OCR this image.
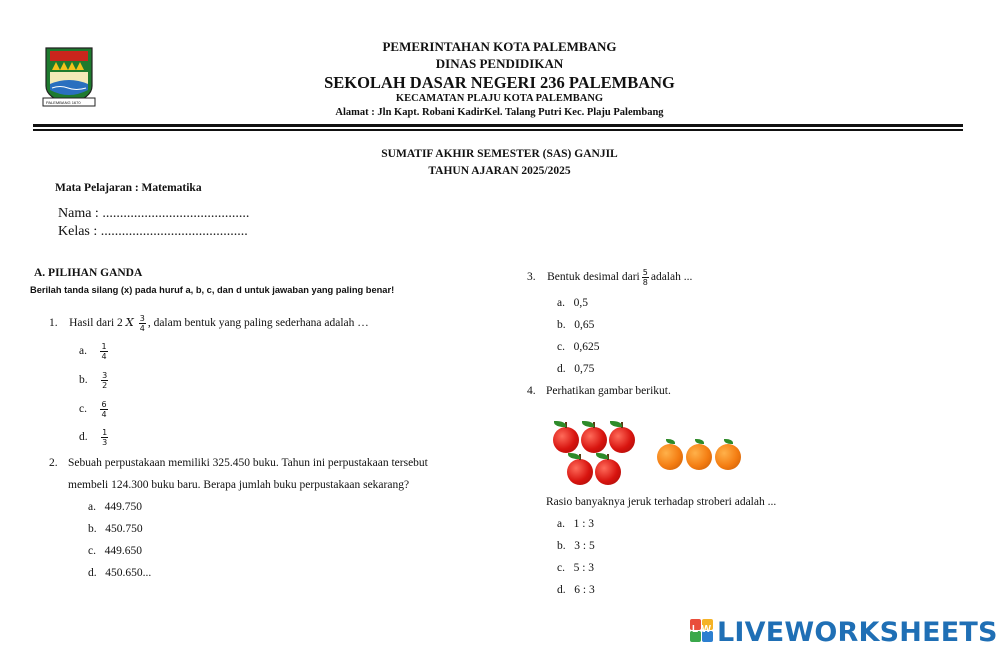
PALEMBANG 1670
PEMERINTAHAN KOTA PALEMBANG
DINAS PENDIDIKAN
SEKOLAH DASAR NEGERI 236 PALEMBANG
KECAMATAN PLAJU KOTA PALEMBANG
Alamat : Jln Kapt. Robani KadirKel. Talang Putri Kec. Plaju Palembang
SUMATIF AKHIR SEMESTER (SAS) GANJIL
TAHUN AJARAN 2025/2025
Mata Pelajaran : Matematika
Nama : ..........................................
Kelas : ..........................................
A. PILIHAN GANDA
Berilah tanda silang (x) pada huruf a, b, c, dan d untuk jawaban yang paling benar!
1. Hasil dari 2 X $\frac{3}{4}$ , dalam bentuk yang paling sederhana adalah …
a. $\frac{1}{4}$
b. $\frac{3}{2}$
c. $\frac{6}{4}$
d. $\frac{1}{3}$
2. Sebuah perpustakaan memiliki 325.450 buku. Tahun ini perpustakaan tersebut
membeli 124.300 buku baru. Berapa jumlah buku perpustakaan sekarang?
a. 449.750
b. 450.750
c. 449.650
d. 450.650...
3. Bentuk desimal dari $\frac{5}{8}$ adalah ...
a. 0,5
b. 0,65
c. 0,625
d. 0,75
4. Perhatikan gambar berikut.
Rasio banyaknya jeruk terhadap stroberi adalah ...
a. 1 : 3
b. 3 : 5
c. 5 : 3
d. 6 : 3
LW LIVEWORKSHEETS
